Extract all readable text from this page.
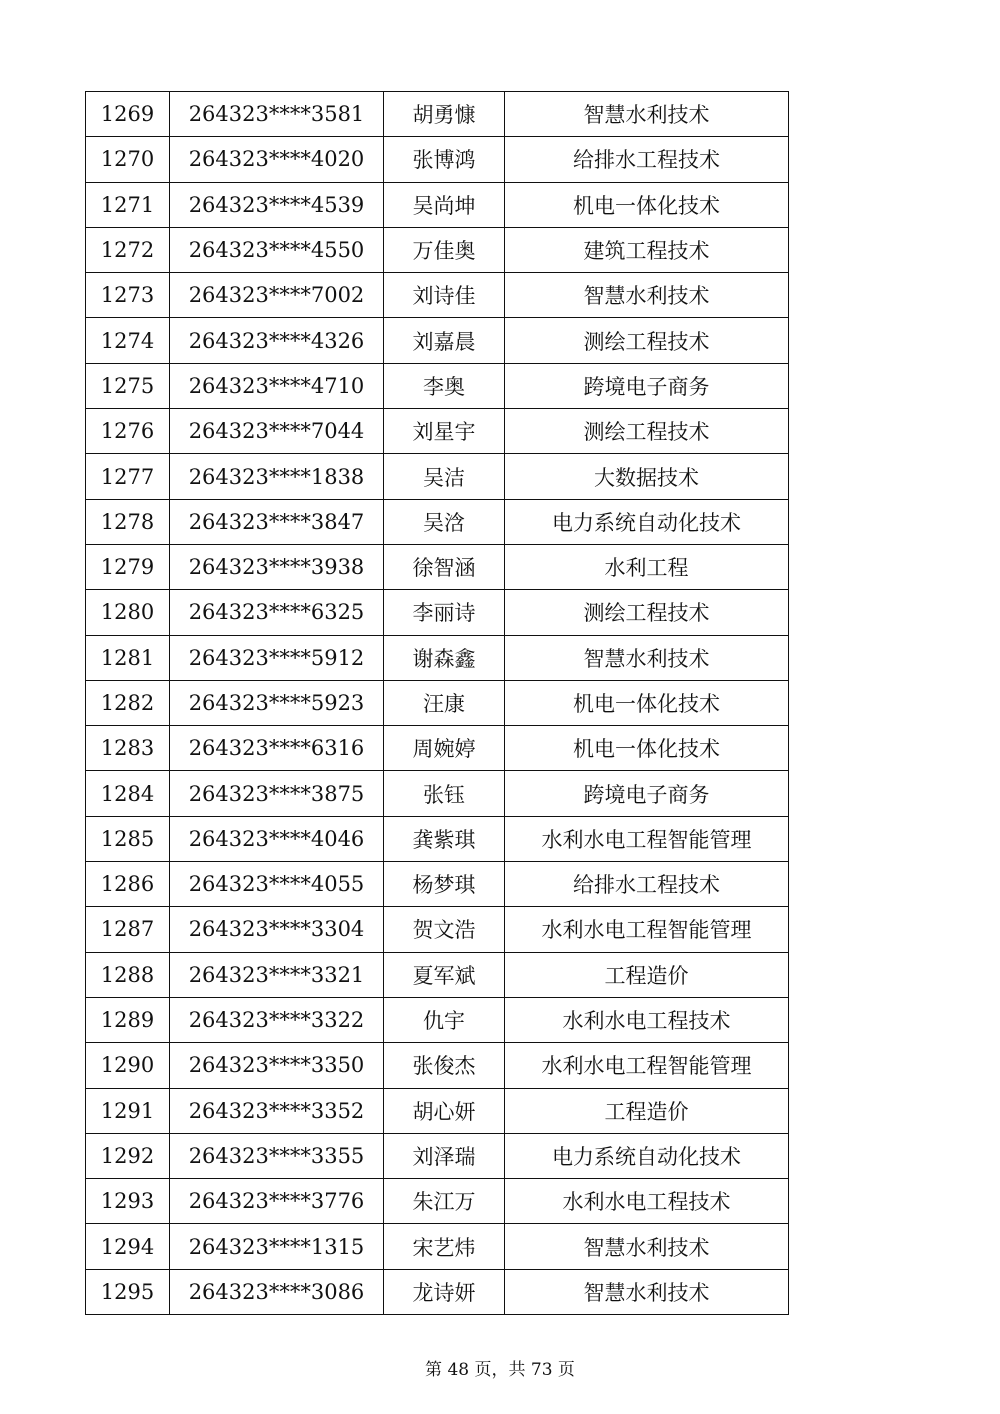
1269	264323****3581	胡勇慷	智慧水利技术
1270	264323****4020	张博鸿	给排水工程技术
1271	264323****4539	吴尚坤	机电一体化技术
1272	264323****4550	万佳奥	建筑工程技术
1273	264323****7002	刘诗佳	智慧水利技术
1274	264323****4326	刘嘉晨	测绘工程技术
1275	264323****4710	李奥	跨境电子商务
1276	264323****7044	刘星宇	测绘工程技术
1277	264323****1838	吴洁	大数据技术
1278	264323****3847	吴浛	电力系统自动化技术
1279	264323****3938	徐智涵	水利工程
1280	264323****6325	李丽诗	测绘工程技术
1281	264323****5912	谢森鑫	智慧水利技术
1282	264323****5923	汪康	机电一体化技术
1283	264323****6316	周婉婷	机电一体化技术
1284	264323****3875	张钰	跨境电子商务
1285	264323****4046	龚紫琪	水利水电工程智能管理
1286	264323****4055	杨梦琪	给排水工程技术
1287	264323****3304	贺文浩	水利水电工程智能管理
1288	264323****3321	夏军斌	工程造价
1289	264323****3322	仇宇	水利水电工程技术
1290	264323****3350	张俊杰	水利水电工程智能管理
1291	264323****3352	胡心妍	工程造价
1292	264323****3355	刘泽瑞	电力系统自动化技术
1293	264323****3776	朱江万	水利水电工程技术
1294	264323****1315	宋艺炜	智慧水利技术
1295	264323****3086	龙诗妍	智慧水利技术
第 48 页，共 73 页
